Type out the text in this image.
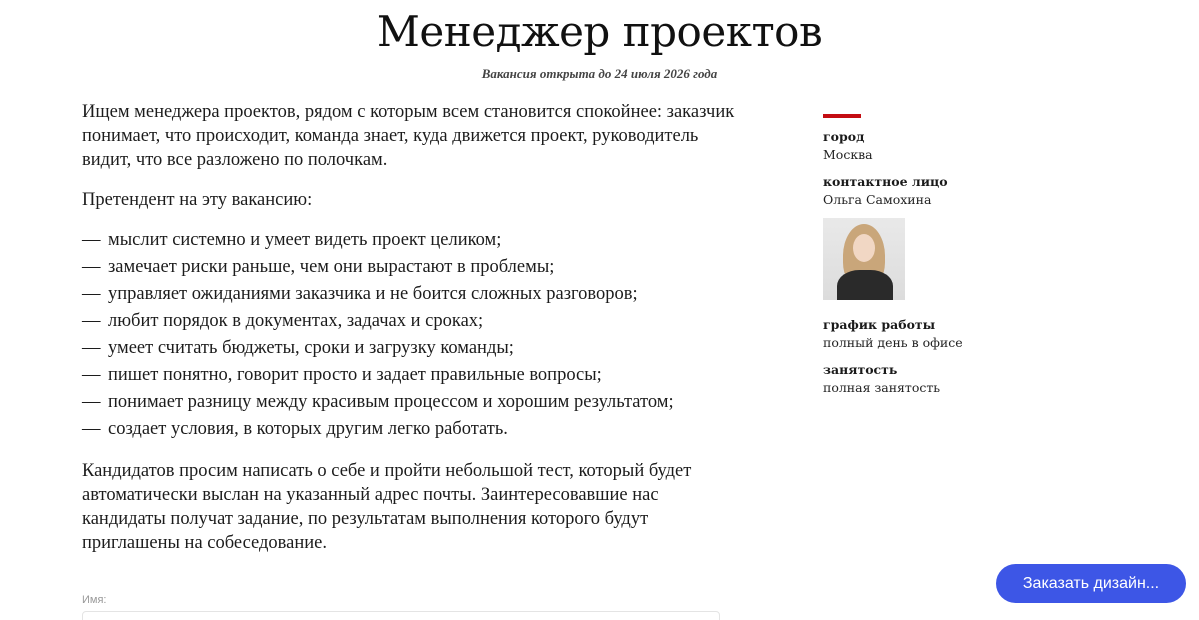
Менеджер проектов
Вакансия открыта до 24 июля 2026 года

Ищем менеджера проектов, рядом с которым всем становится спокойнее: заказчик понимает, что происходит, команда знает, куда движется проект, руководитель видит, что все разложено по полочкам.

Претендент на эту вакансию:

— мыслит системно и умеет видеть проект целиком;
— замечает риски раньше, чем они вырастают в проблемы;
— управляет ожиданиями заказчика и не боится сложных разговоров;
— любит порядок в документах, задачах и сроках;
— умеет считать бюджеты, сроки и загрузку команды;
— пишет понятно, говорит просто и задает правильные вопросы;
— понимает разницу между красивым процессом и хорошим результатом;
— создает условия, в которых другим легко работать.

Кандидатов просим написать о себе и пройти небольшой тест, который будет автоматически выслан на указанный адрес почты. Заинтересовавшие нас кандидаты получат задание, по результатам выполнения которого будут приглашены на собеседование.

Имя:
город
Москва
контактное лицо
Ольга Самохина
график работы
полный день в офисе
занятость
полная занятость
Заказать дизайн...
